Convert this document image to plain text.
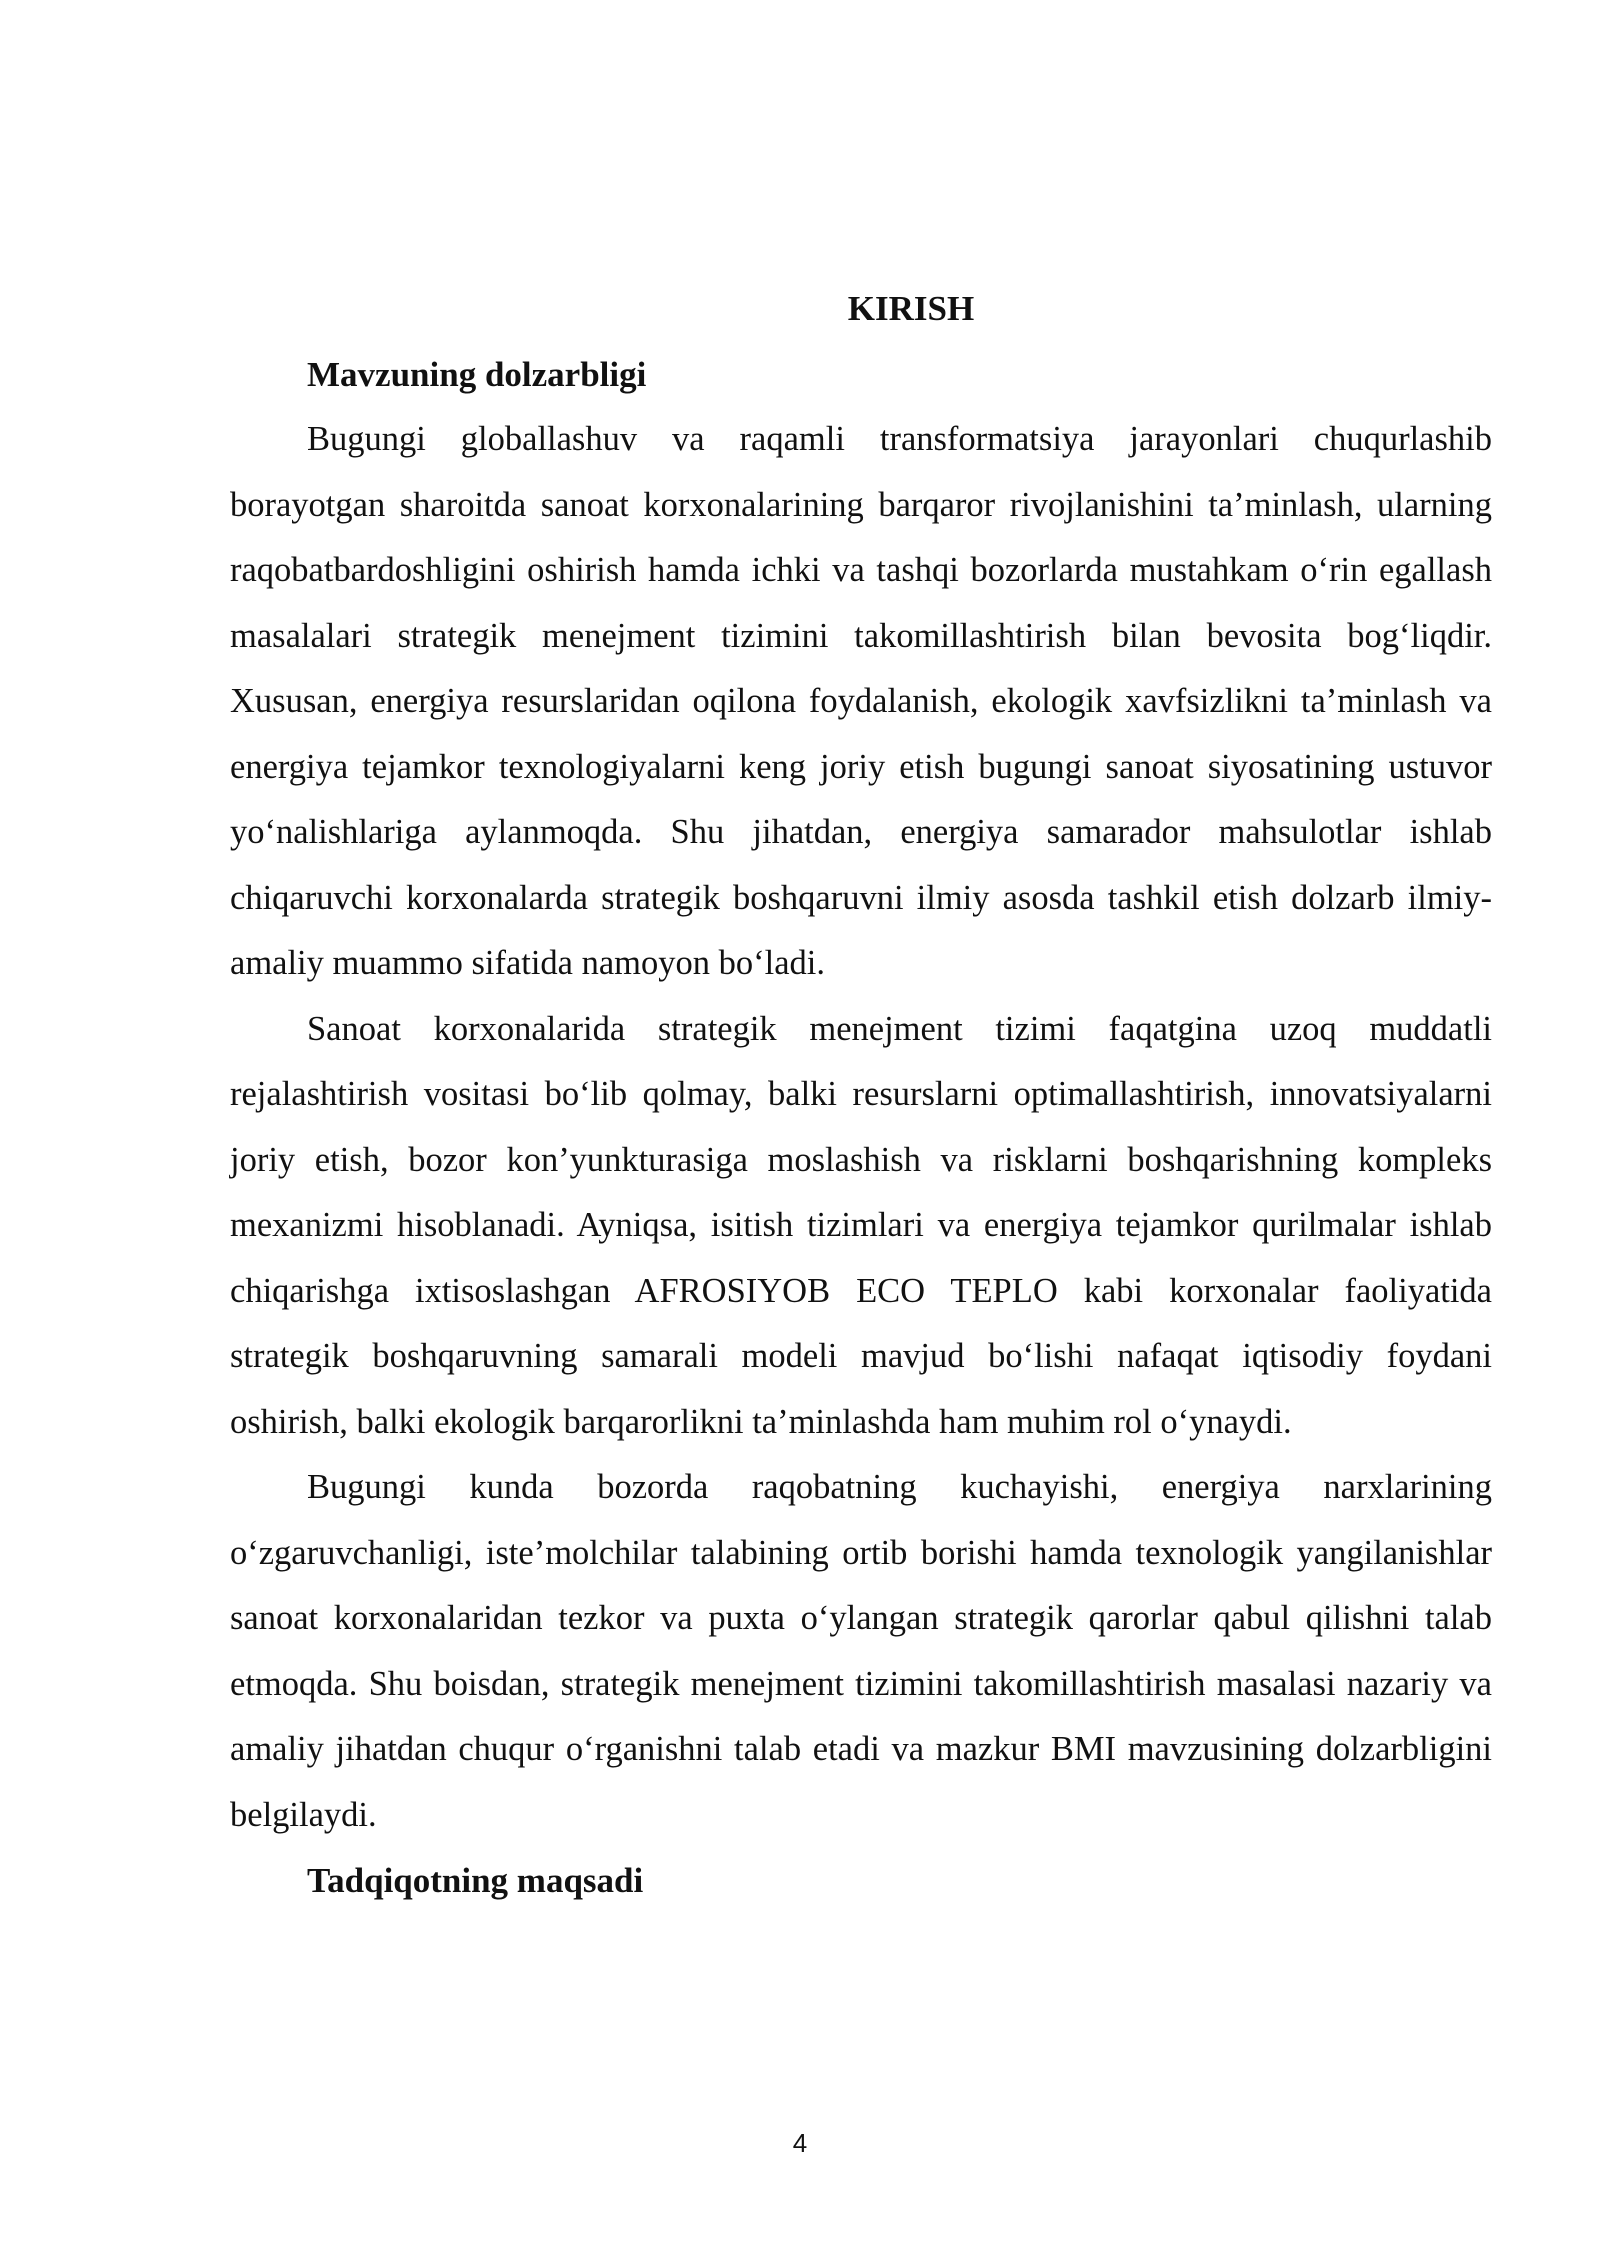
KIRISH
Mavzuning dolzarbligi

Bugungi globallashuv va raqamli transformatsiya jarayonlari chuqurlashib borayotgan sharoitda sanoat korxonalarining barqaror rivojlanishini ta’minlash, ularning raqobatbardoshligini oshirish hamda ichki va tashqi bozorlarda mustahkam o‘rin egallash masalalari strategik menejment tizimini takomillashtirish bilan bevosita bog‘liqdir. Xususan, energiya resurslaridan oqilona foydalanish, ekologik xavfsizlikni ta’minlash va energiya tejamkor texnologiyalarni keng joriy etish bugungi sanoat siyosatining ustuvor yo‘nalishlariga aylanmoqda. Shu jihatdan, energiya samarador mahsulotlar ishlab chiqaruvchi korxonalarda strategik boshqaruvni ilmiy asosda tashkil etish dolzarb ilmiy-amaliy muammo sifatida namoyon bo‘ladi.

Sanoat korxonalarida strategik menejment tizimi faqatgina uzoq muddatli rejalashtirish vositasi bo‘lib qolmay, balki resurslarni optimallashtirish, innovatsiyalarni joriy etish, bozor kon’yunkturasiga moslashish va risklarni boshqarishning kompleks mexanizmi hisoblanadi. Ayniqsa, isitish tizimlari va energiya tejamkor qurilmalar ishlab chiqarishga ixtisoslashgan AFROSIYOB ECO TEPLO kabi korxonalar faoliyatida strategik boshqaruvning samarali modeli mavjud bo‘lishi nafaqat iqtisodiy foydani oshirish, balki ekologik barqarorlikni ta’minlashda ham muhim rol o‘ynaydi.

Bugungi kunda bozorda raqobatning kuchayishi, energiya narxlarining o‘zgaruvchanligi, iste’molchilar talabining ortib borishi hamda texnologik yangilanishlar sanoat korxonalaridan tezkor va puxta o‘ylangan strategik qarorlar qabul qilishni talab etmoqda. Shu boisdan, strategik menejment tizimini takomillashtirish masalasi nazariy va amaliy jihatdan chuqur o‘rganishni talab etadi va mazkur BMI mavzusining dolzarbligini belgilaydi.

Tadqiqotning maqsadi
4
